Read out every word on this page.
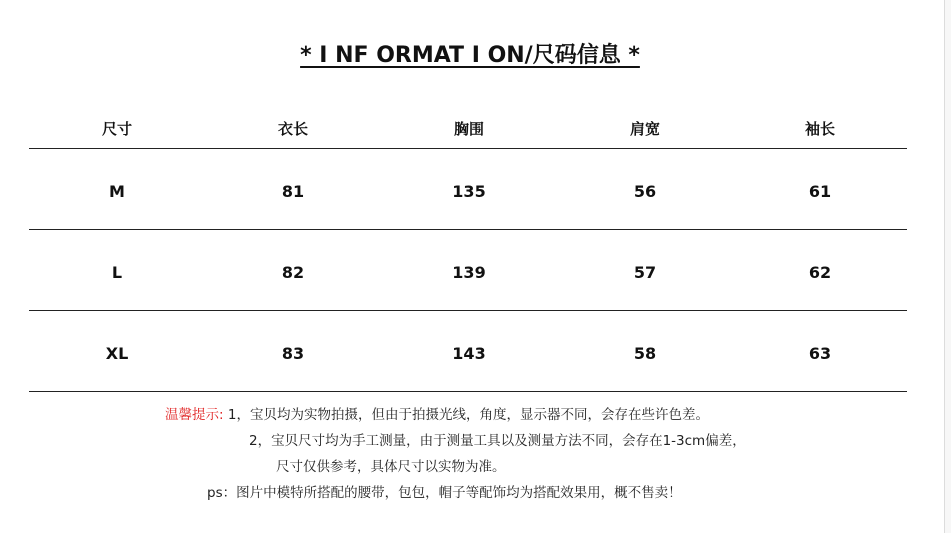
* I NF ORMAT I ON/尺码信息 *
尺寸	衣长	胸围	肩宽	袖长
M	81	135	56	61
L	82	139	57	62
XL	83	143	58	63
温馨提示: 1，宝贝均为实物拍摄，但由于拍摄光线，角度，显示器不同，会存在些许色差。
2，宝贝尺寸均为手工测量，由于测量工具以及测量方法不同，会存在1-3cm偏差，
尺寸仅供参考，具体尺寸以实物为准。
ps：图片中模特所搭配的腰带，包包，帽子等配饰均为搭配效果用，概不售卖！
